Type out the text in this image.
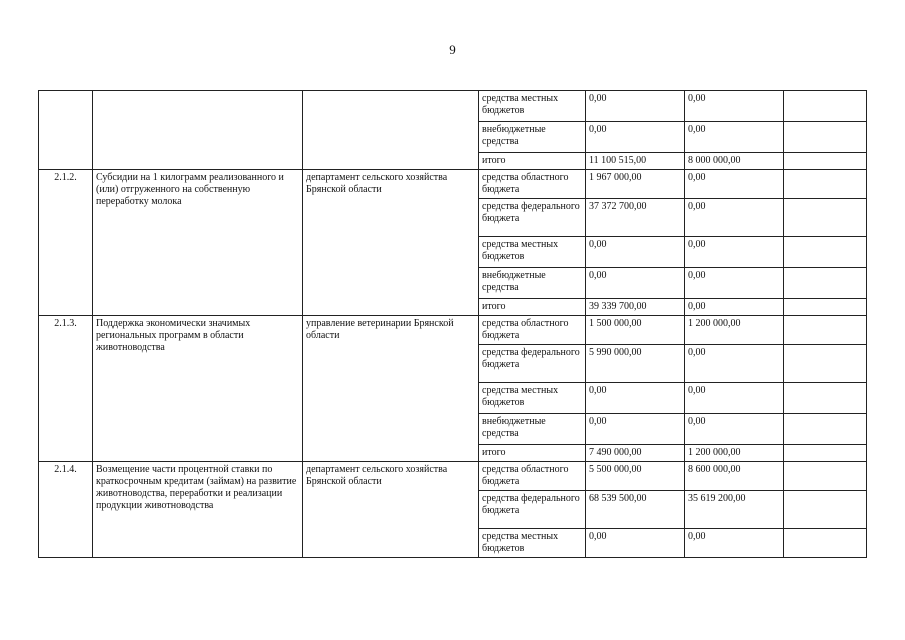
9
			средства местных бюджетов	0,00	0,00	
			внебюджетные средства	0,00	0,00	
			итого	11 100 515,00	8 000 000,00	
2.1.2.	Субсидии на 1 килограмм реализованного и (или) отгруженного на собственную переработку молока	департамент сельского хозяйства Брянской области	средства областного бюджета	1 967 000,00	0,00	
			средства федерального бюджета	37 372 700,00	0,00	
			средства местных бюджетов	0,00	0,00	
			внебюджетные средства	0,00	0,00	
			итого	39 339 700,00	0,00	
2.1.3.	Поддержка экономически значимых региональных программ в области животноводства	управление ветеринарии Брянской области	средства областного бюджета	1 500 000,00	1 200 000,00	
			средства федерального бюджета	5 990 000,00	0,00	
			средства местных бюджетов	0,00	0,00	
			внебюджетные средства	0,00	0,00	
			итого	7 490 000,00	1 200 000,00	
2.1.4.	Возмещение части процентной ставки по краткосрочным кредитам (займам) на развитие животноводства, переработки и реализации продукции животноводства	департамент сельского хозяйства Брянской области	средства областного бюджета	5 500 000,00	8 600 000,00	
			средства федерального бюджета	68 539 500,00	35 619 200,00	
			средства местных бюджетов	0,00	0,00	
